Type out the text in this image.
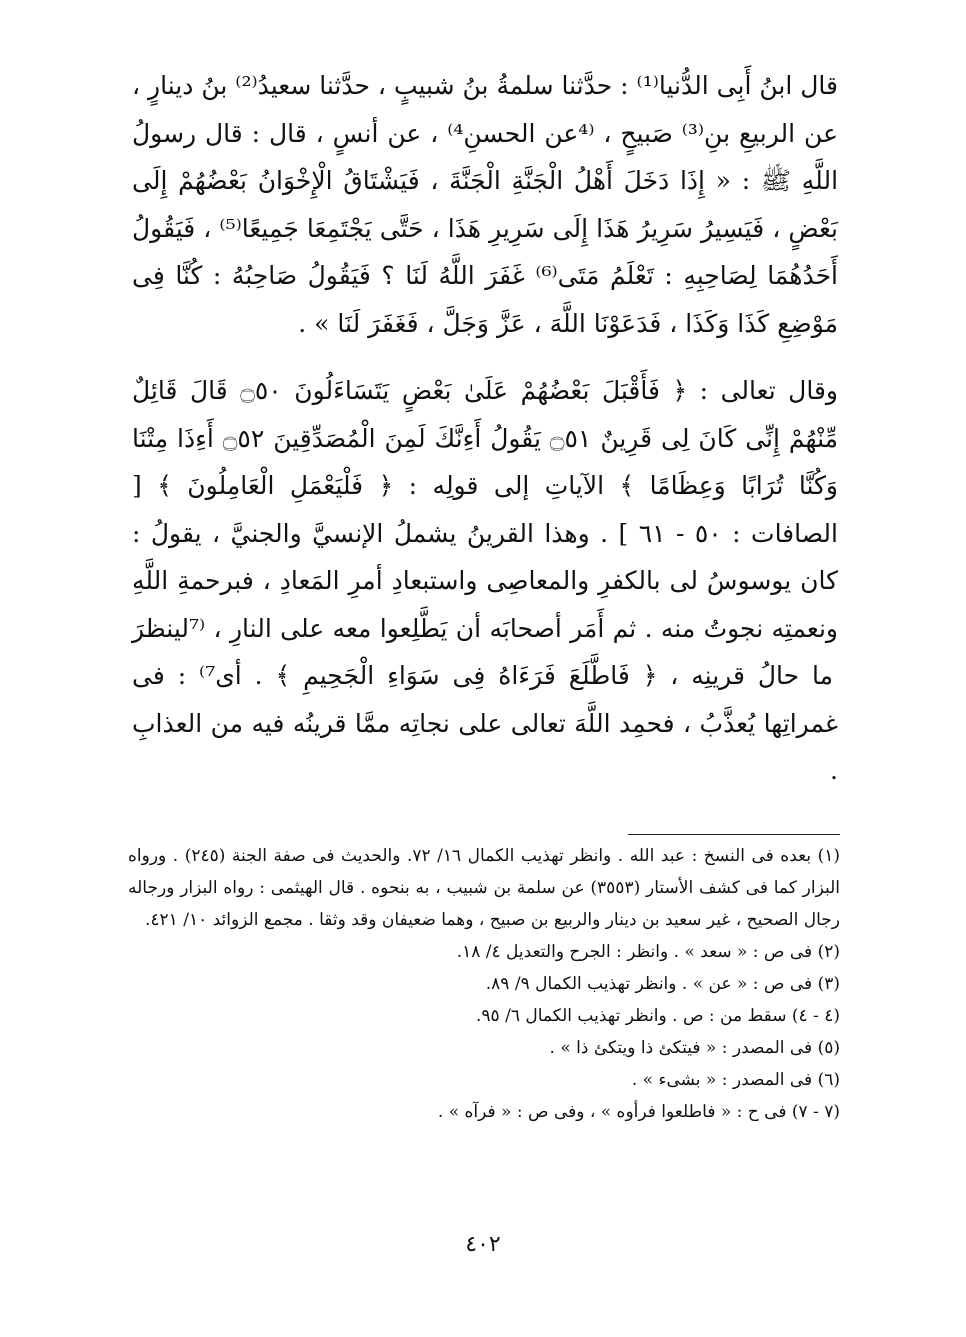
قال ابنُ أَبِى الدُّنيا⁽¹⁾ : حدَّثنا سلمةُ بنُ شبيبٍ ، حدَّثنا سعيدُ⁽²⁾ بنُ دينارٍ ، عن الربيعِ بنِ⁽³⁾ صَبيحٍ ، ⁽⁴عن الحسنِ⁴⁾ ، عن أنسٍ ، قال : قال رسولُ اللَّهِ ﷺ : « إِذَا دَخَلَ أَهْلُ الْجَنَّةِ الْجَنَّةَ ، فَيَشْتَاقُ الْإِخْوَانُ بَعْضُهُمْ إِلَى بَعْضٍ ، فَيَسِيرُ سَرِيرُ هَذَا إِلَى سَرِيرِ هَذَا ، حَتَّى يَجْتَمِعَا جَمِيعًا⁽⁵⁾ ، فَيَقُولُ أَحَدُهُمَا لِصَاحِبِهِ : تَعْلَمُ مَتَى⁽⁶⁾ غَفَرَ اللَّهُ لَنَا ؟ فَيَقُولُ صَاحِبُهُ : كُنَّا فِى مَوْضِعِ كَذَا وَكَذَا ، فَدَعَوْنَا اللَّهَ ، عَزَّ وَجَلَّ ، فَغَفَرَ لَنَا » .

وقال تعالى : ﴿ فَأَقْبَلَ بَعْضُهُمْ عَلَىٰ بَعْضٍ يَتَسَاءَلُونَ ۝٥٠ قَالَ قَائِلٌ مِّنْهُمْ إِنِّى كَانَ لِى قَرِينٌ ۝٥١ يَقُولُ أَءِنَّكَ لَمِنَ الْمُصَدِّقِينَ ۝٥٢ أَءِذَا مِتْنَا وَكُنَّا تُرَابًا وَعِظَامًا ﴾ الآياتِ إلى قولِه : ﴿ فَلْيَعْمَلِ الْعَامِلُونَ ﴾ [ الصافات : ٥٠ - ٦١ ] . وهذا القرينُ يشملُ الإنسيَّ والجنيَّ ، يقولُ : كان يوسوسُ لى بالكفرِ والمعاصِى واستبعادِ أمرِ المَعادِ ، فبرحمةِ اللَّهِ ونعمتِه نجوتُ منه . ثم أَمَر أصحابَه أن يَطَّلِعوا معه على النارِ ، ⁽⁷لينظرَ ما حالُ قرينِه ، ﴿ فَاطَّلَعَ فَرَءَاهُ فِى سَوَاءِ الْجَحِيمِ ﴾ . أى⁷⁾ : فى غمراتِها يُعذَّبُ ، فحمِد اللَّهَ تعالى على نجاتِه ممَّا قرينُه فيه من العذابِ .

(١) بعده فى النسخ : عبد الله . وانظر تهذيب الكمال ١٦/ ٧٢. والحديث فى صفة الجنة (٢٤٥) . ورواه البزار كما فى كشف الأستار (٣٥٥٣) عن سلمة بن شبيب ، به بنحوه . قال الهيثمى : رواه البزار ورجاله رجال الصحيح ، غير سعيد بن دينار والربيع بن صبيح ، وهما ضعيفان وقد وثقا . مجمع الزوائد ١٠/ ٤٢١.

(٢) فى ص : « سعد » . وانظر : الجرح والتعديل ٤/ ١٨.

(٣) فى ص : « عن » . وانظر تهذيب الكمال ٩/ ٨٩.

(٤ - ٤) سقط من : ص . وانظر تهذيب الكمال ٦/ ٩٥.

(٥) فى المصدر : « فيتكئ ذا ويتكئ ذا » .

(٦) فى المصدر : « بشىء » .

(٧ - ٧) فى ح : « فاطلعوا فرأوه » ، وفى ص : « فرآه » .

٤٠٢
